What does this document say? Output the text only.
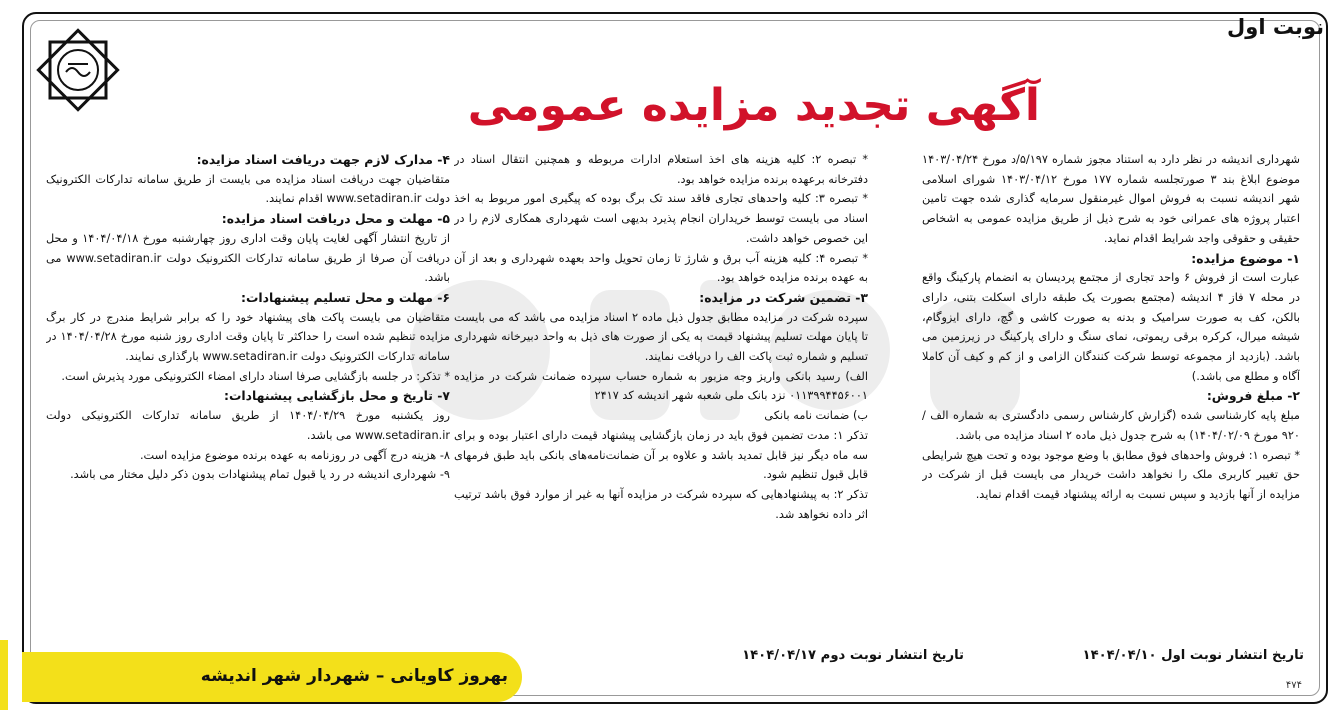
نوبت اول
آگهی تجدید مزایده عمومی

شهرداری اندیشه در نظر دارد به استناد مجوز شماره ۵/۱۹۷/د مورخ ۱۴۰۳/۰۴/۲۴ موضوع ابلاغ بند ۳ صورتجلسه شماره ۱۷۷ مورخ ۱۴۰۳/۰۴/۱۲ شورای اسلامی شهر اندیشه نسبت به فروش اموال غیرمنقول سرمایه گذاری شده جهت تامین اعتبار پروژه های عمرانی خود به شرح ذیل از طریق مزایده عمومی به اشخاص حقیقی و حقوقی واجد شرایط اقدام نماید.

۱- موضوع مزایده:

عبارت است از فروش ۶ واحد تجاری از مجتمع پردیسان به انضمام پارکینگ واقع در محله ۷ فاز ۴ اندیشه (مجتمع بصورت یک طبقه دارای اسکلت بتنی، دارای بالکن، کف به صورت سرامیک و بدنه به صورت کاشی و گچ، دارای ایزوگام، شیشه میرال، کرکره برقی ریموتی، نمای سنگ و دارای پارکینگ در زیرزمین می باشد. (بازدید از مجموعه توسط شرکت کنندگان الزامی و از کم و کیف آن کاملا آگاه و مطلع می باشد.)

۲- مبلغ فروش:

مبلغ پایه کارشناسی شده (گزارش کارشناس رسمی دادگستری به شماره الف / ۹۲۰ مورخ ۱۴۰۴/۰۲/۰۹) به شرح جدول ذیل ماده ۲ اسناد مزایده می باشد.

* تبصره ۱: فروش واحدهای فوق مطابق با وضع موجود بوده و تحت هیچ شرایطی حق تغییر کاربری ملک را نخواهد داشت خریدار می بایست قبل از شرکت در مزایده از آنها بازدید و سپس نسبت به ارائه پیشنهاد قیمت اقدام نماید.

* تبصره ۲: کلیه هزینه های اخذ استعلام ادارات مربوطه و همچنین انتقال اسناد در دفترخانه برعهده برنده مزایده خواهد بود.

* تبصره ۳: کلیه واحدهای تجاری فاقد سند تک برگ بوده که پیگیری امور مربوط به اخذ اسناد می بایست توسط خریداران انجام پذیرد بدیهی است شهرداری همکاری لازم را در این خصوص خواهد داشت.

* تبصره ۴: کلیه هزینه آب برق و شارژ تا زمان تحویل واحد بعهده شهرداری و بعد از آن به عهده برنده مزایده خواهد بود.

۳- تضمین شرکت در مزایده:

سپرده شرکت در مزایده مطابق جدول ذیل ماده ۲ اسناد مزایده می باشد که می بایست تا پایان مهلت تسلیم پیشنهاد قیمت به یکی از صورت های ذیل به واحد دبیرخانه شهرداری تسلیم و شماره ثبت پاکت الف را دریافت نمایند.

الف) رسید بانکی واریز وجه مزبور به شماره حساب سپرده ضمانت شرکت در مزایده ۰۱۱۳۹۹۴۴۵۶۰۰۱ نزد بانک ملی شعبه شهر اندیشه کد ۲۴۱۷

ب) ضمانت نامه بانکی

تذکر ۱: مدت تضمین فوق باید در زمان بازگشایی پیشنهاد قیمت دارای اعتبار بوده و برای سه ماه دیگر نیز قابل تمدید باشد و علاوه بر آن ضمانت‌نامه‌های بانکی باید طبق فرمهای قابل قبول تنظیم شود.

تذکر ۲: به پیشنهادهایی که سپرده شرکت در مزایده آنها به غیر از موارد فوق باشد ترتیب اثر داده نخواهد شد.

۴- مدارک لازم جهت دریافت اسناد مزایده:

متقاضیان جهت دریافت اسناد مزایده می بایست از طریق سامانه تدارکات الکترونیک دولت www.setadiran.ir اقدام نمایند.

۵- مهلت و محل دریافت اسناد مزایده:

از تاریخ انتشار آگهی لغایت پایان وقت اداری روز چهارشنبه مورخ ۱۴۰۴/۰۴/۱۸ و محل دریافت آن صرفا از طریق سامانه تدارکات الکترونیک دولت www.setadiran.ir می باشد.

۶- مهلت و محل تسلیم پیشنهادات:

متقاضیان می بایست پاکت های پیشنهاد خود را که برابر شرایط مندرج در کار برگ مزایده تنظیم شده است را حداکثر تا پایان وقت اداری روز شنبه مورخ ۱۴۰۴/۰۴/۲۸ در سامانه تدارکات الکترونیک دولت www.setadiran.ir بارگذاری نمایند.

* تذکر: در جلسه بازگشایی صرفا اسناد دارای امضاء الکترونیکی مورد پذیرش است.

۷- تاریخ و محل بازگشایی پیشنهادات:

روز یکشنبه مورخ ۱۴۰۴/۰۴/۲۹ از طریق سامانه تدارکات الکترونیکی دولت www.setadiran.ir می باشد.

۸- هزینه درج آگهی در روزنامه به عهده برنده موضوع مزایده است.

۹- شهرداری اندیشه در رد یا قبول تمام پیشنهادات بدون ذکر دلیل مختار می باشد.

تاریخ انتشار نوبت اول ۱۴۰۴/۰۴/۱۰
تاریخ انتشار نوبت دوم ۱۴۰۴/۰۴/۱۷
بهروز کاویانی – شهردار شهر اندیشه	۴۷۴
